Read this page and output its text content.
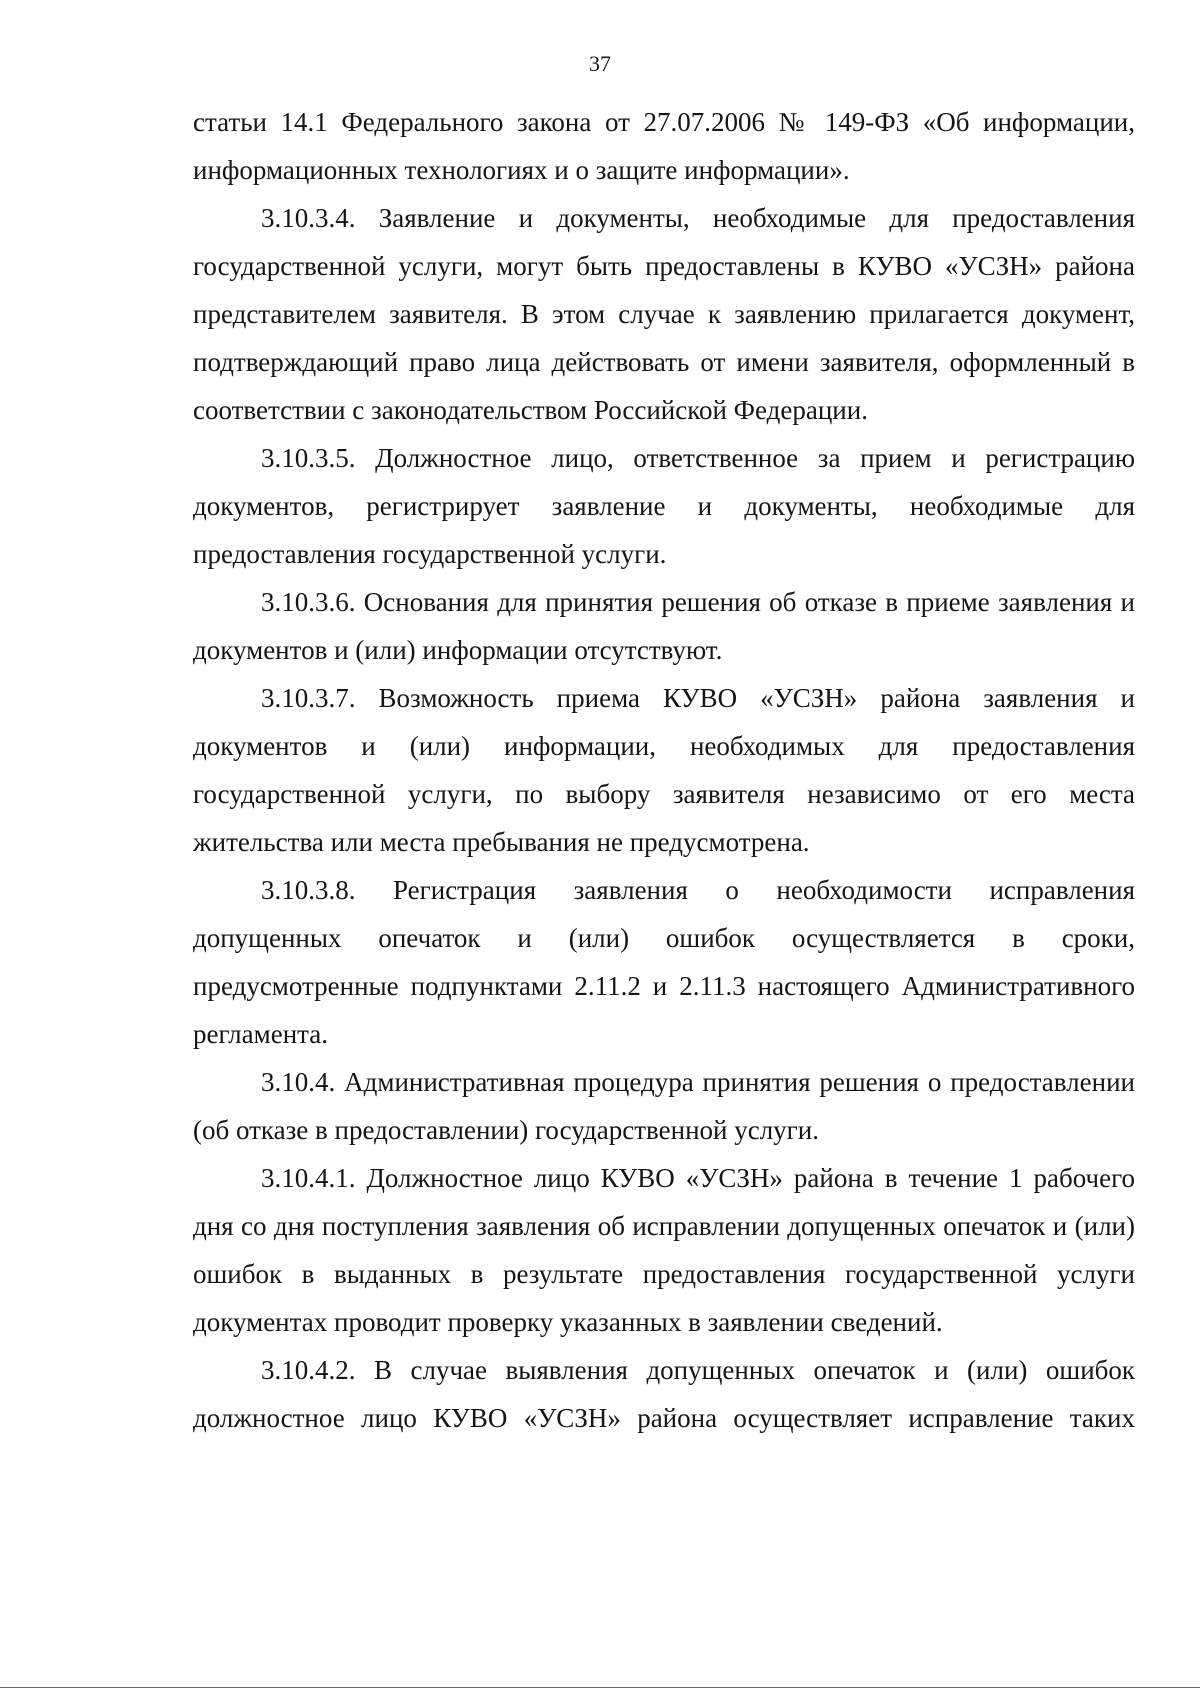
37

статьи 14.1 Федерального закона от 27.07.2006 № 149-ФЗ «Об информации, информационных технологиях и о защите информации».

3.10.3.4. Заявление и документы, необходимые для предоставления государственной услуги, могут быть предоставлены в КУВО «УСЗН» района представителем заявителя. В этом случае к заявлению прилагается документ, подтверждающий право лица действовать от имени заявителя, оформленный в соответствии с законодательством Российской Федерации.

3.10.3.5. Должностное лицо, ответственное за прием и регистрацию документов, регистрирует заявление и документы, необходимые для предоставления государственной услуги.

3.10.3.6. Основания для принятия решения об отказе в приеме заявления и документов и (или) информации отсутствуют.

3.10.3.7. Возможность приема КУВО «УСЗН» района заявления и документов и (или) информации, необходимых для предоставления государственной услуги, по выбору заявителя независимо от его места жительства или места пребывания не предусмотрена.

3.10.3.8. Регистрация заявления о необходимости исправления допущенных опечаток и (или) ошибок осуществляется в сроки, предусмотренные подпунктами 2.11.2 и 2.11.3 настоящего Административного регламента.

3.10.4. Административная процедура принятия решения о предоставлении (об отказе в предоставлении) государственной услуги.

3.10.4.1. Должностное лицо КУВО «УСЗН» района в течение 1 рабочего дня со дня поступления заявления об исправлении допущенных опечаток и (или) ошибок в выданных в результате предоставления государственной услуги документах проводит проверку указанных в заявлении сведений.

3.10.4.2. В случае выявления допущенных опечаток и (или) ошибок должностное лицо КУВО «УСЗН» района осуществляет исправление таких
